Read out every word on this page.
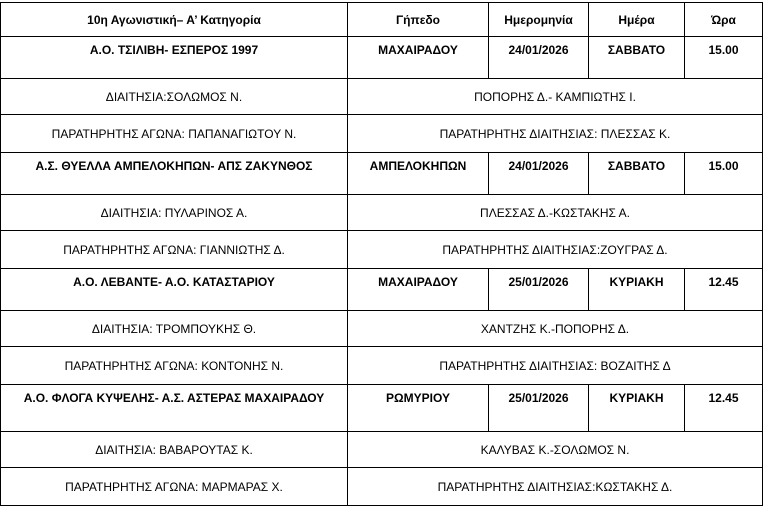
10η Αγωνιστική– Α’ Κατηγορία	Γήπεδο	Ημερομηνία	Ημέρα	Ώρα
Α.Ο. ΤΣΙΛΙΒΗ- ΕΣΠΕΡΟΣ 1997	ΜΑΧΑΙΡΑΔΟΥ	24/01/2026	ΣΑΒΒΑΤΟ	15.00
ΔΙΑΙΤΗΣΙΑ:ΣΟΛΩΜΟΣ Ν.	ΠΟΠΟΡΗΣ Δ.- ΚΑΜΠΙΩΤΗΣ Ι.			
ΠΑΡΑΤΗΡΗΤΗΣ ΑΓΩΝΑ: ΠΑΠΑΝΑΓΙΩΤΟΥ Ν.	ΠΑΡΑΤΗΡΗΤΗΣ ΔΙΑΙΤΗΣΙΑΣ: ΠΛΕΣΣΑΣ Κ.			
Α.Σ. ΘΥΕΛΛΑ ΑΜΠΕΛΟΚΗΠΩΝ- ΑΠΣ ΖΑΚΥΝΘΟΣ	ΑΜΠΕΛΟΚΗΠΩΝ	24/01/2026	ΣΑΒΒΑΤΟ	15.00
ΔΙΑΙΤΗΣΙΑ: ΠΥΛΑΡΙΝΟΣ Α.	ΠΛΕΣΣΑΣ Δ.-ΚΩΣΤΑΚΗΣ Α.			
ΠΑΡΑΤΗΡΗΤΗΣ ΑΓΩΝΑ: ΓΙΑΝΝΙΩΤΗΣ Δ.	ΠΑΡΑΤΗΡΗΤΗΣ ΔΙΑΙΤΗΣΙΑΣ:ΖΟΥΓΡΑΣ Δ.			
Α.Ο. ΛΕΒΑΝΤΕ- Α.Ο. ΚΑΤΑΣΤΑΡΙΟΥ	ΜΑΧΑΙΡΑΔΟΥ	25/01/2026	ΚΥΡΙΑΚΗ	12.45
ΔΙΑΙΤΗΣΙΑ: ΤΡΟΜΠΟΥΚΗΣ Θ.	ΧΑΝΤΖΗΣ Κ.-ΠΟΠΟΡΗΣ Δ.			
ΠΑΡΑΤΗΡΗΤΗΣ ΑΓΩΝΑ: ΚΟΝΤΟΝΗΣ Ν.	ΠΑΡΑΤΗΡΗΤΗΣ ΔΙΑΙΤΗΣΙΑΣ: ΒΟΖΑΙΤΗΣ Δ			
Α.Ο. ΦΛΟΓΑ ΚΥΨΕΛΗΣ- Α.Σ. ΑΣΤΕΡΑΣ ΜΑΧΑΙΡΑΔΟΥ	ΡΩΜΥΡΙΟΥ	25/01/2026	ΚΥΡΙΑΚΗ	12.45
ΔΙΑΙΤΗΣΙΑ: ΒΑΒΑΡΟΥΤΑΣ Κ.	ΚΑΛΥΒΑΣ Κ.-ΣΟΛΩΜΟΣ Ν.			
ΠΑΡΑΤΗΡΗΤΗΣ ΑΓΩΝΑ: ΜΑΡΜΑΡΑΣ Χ.	ΠΑΡΑΤΗΡΗΤΗΣ ΔΙΑΙΤΗΣΙΑΣ:ΚΩΣΤΑΚΗΣ Δ.			
